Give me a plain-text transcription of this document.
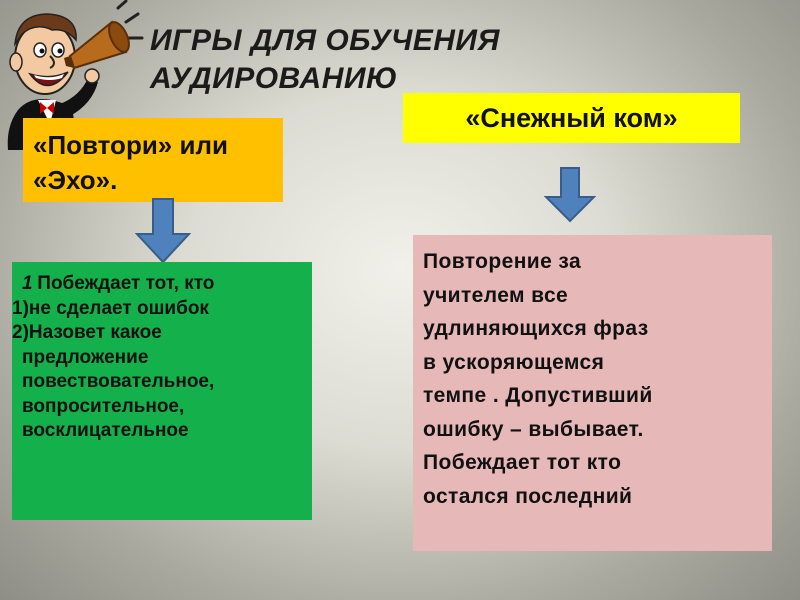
ИГРЫ ДЛЯ ОБУЧЕНИЯ
АУДИРОВАНИЮ
«Снежный ком»
«Повтори» или
«Эхо».
1 Побеждает тот, кто
1)не сделает ошибок
2)Назовет какое
предложение
повествовательное,
вопросительное,
восклицательное
Повторение за
учителем все
удлиняющихся фраз
в ускоряющемся
темпе . Допустивший
ошибку – выбывает.
Побеждает тот кто
остался последний
